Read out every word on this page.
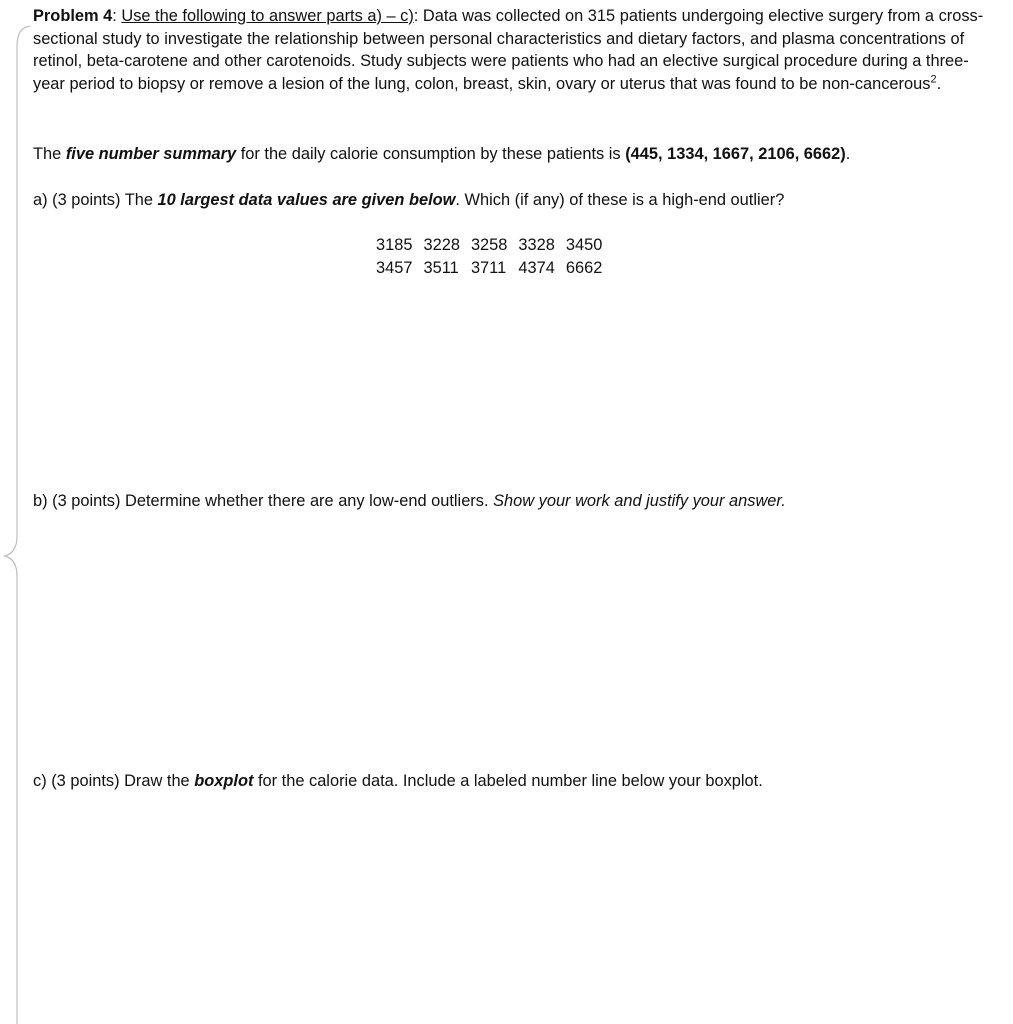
Problem 4: Use the following to answer parts a) – c): Data was collected on 315 patients undergoing elective surgery from a cross-sectional study to investigate the relationship between personal characteristics and dietary factors, and plasma concentrations of retinol, beta-carotene and other carotenoids. Study subjects were patients who had an elective surgical procedure during a three-year period to biopsy or remove a lesion of the lung, colon, breast, skin, ovary or uterus that was found to be non-cancerous$^2$.

The five number summary for the daily calorie consumption by these patients is (445, 1334, 1667, 2106, 6662).

a) (3 points) The 10 largest data values are given below. Which (if any) of these is a high-end outlier?

3185	3228	3258	3328	3450
3457	3511	3711	4374	6662

b) (3 points) Determine whether there are any low-end outliers. Show your work and justify your answer.

c) (3 points) Draw the boxplot for the calorie data. Include a labeled number line below your boxplot.
